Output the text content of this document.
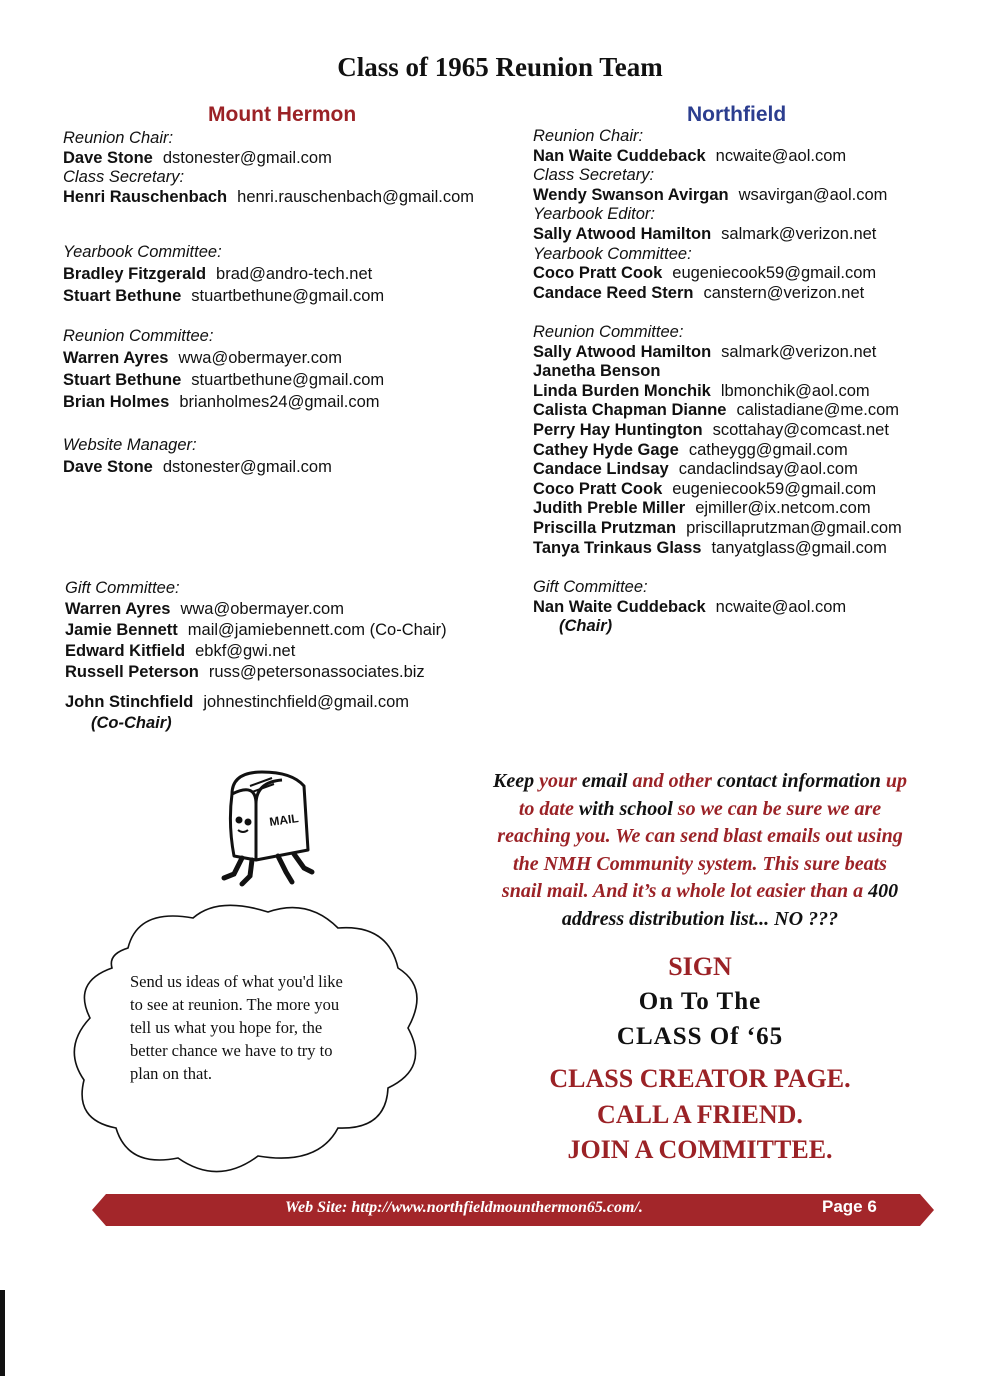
Class of 1965 Reunion Team
Mount Hermon
Reunion Chair:
Dave Stone dstonester@gmail.com
Class Secretary:
Henri Rauschenbach henri.rauschenbach@gmail.com
Yearbook Committee:
Bradley Fitzgerald brad@andro-tech.net
Stuart Bethune stuartbethune@gmail.com
Reunion Committee:
Warren Ayres wwa@obermayer.com
Stuart Bethune stuartbethune@gmail.com
Brian Holmes brianholmes24@gmail.com
Website Manager:
Dave Stone dstonester@gmail.com
Gift Committee:
Warren Ayres wwa@obermayer.com
Jamie Bennett mail@jamiebennett.com (Co-Chair)
Edward Kitfield ebkf@gwi.net
Russell Peterson russ@petersonassociates.biz
John Stinchfield johnestinchfield@gmail.com
(Co-Chair)
Northfield
Reunion Chair:
Nan Waite Cuddeback ncwaite@aol.com
Class Secretary:
Wendy Swanson Avirgan wsavirgan@aol.com
Yearbook Editor:
Sally Atwood Hamilton salmark@verizon.net
Yearbook Committee:
Coco Pratt Cook eugeniecook59@gmail.com
Candace Reed Stern canstern@verizon.net
Reunion Committee:
Sally Atwood Hamilton salmark@verizon.net
Janetha Benson
Linda Burden Monchik lbmonchik@aol.com
Calista Chapman Dianne calistadiane@me.com
Perry Hay Huntington scottahay@comcast.net
Cathey Hyde Gage catheygg@gmail.com
Candace Lindsay candaclindsay@aol.com
Coco Pratt Cook eugeniecook59@gmail.com
Judith Preble Miller ejmiller@ix.netcom.com
Priscilla Prutzman priscillaprutzman@gmail.com
Tanya Trinkaus Glass tanyatglass@gmail.com
Gift Committee:
Nan Waite Cuddeback ncwaite@aol.com
(Chair)
MAIL
Send us ideas of what you'd like to see at reunion. The more you tell us what you hope for, the better chance we have to try to plan on that.
Keep your email and other contact information up
to date with school so we can be sure we are
reaching you. We can send blast emails out using
the NMH Community system. This sure beats
snail mail. And it’s a whole lot easier than a 400
address distribution list... NO ???
SIGN
On To The
CLASS Of ‘65
CLASS CREATOR PAGE.
CALL A FRIEND.
JOIN A COMMITTEE.
Web Site: http://www.northfieldmounthermon65.com/.	Page 6
